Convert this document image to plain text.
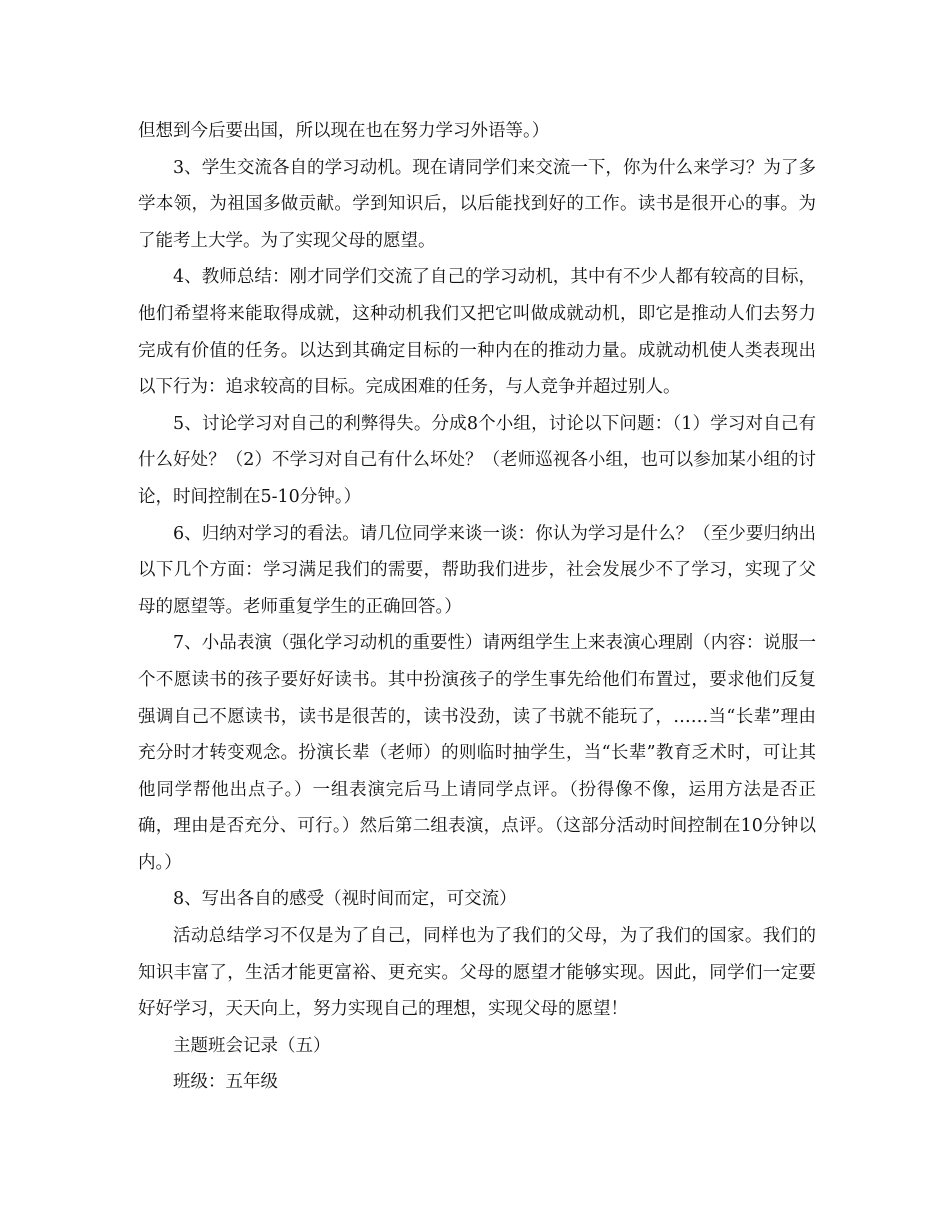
但想到今后要出国，所以现在也在努力学习外语等。）

3、学生交流各自的学习动机。现在请同学们来交流一下，你为什么来学习？为了多学本领，为祖国多做贡献。学到知识后，以后能找到好的工作。读书是很开心的事。为了能考上大学。为了实现父母的愿望。

4、教师总结：刚才同学们交流了自己的学习动机，其中有不少人都有较高的目标，他们希望将来能取得成就，这种动机我们又把它叫做成就动机，即它是推动人们去努力完成有价值的任务。以达到其确定目标的一种内在的推动力量。成就动机使人类表现出以下行为：追求较高的目标。完成困难的任务，与人竞争并超过别人。

5、讨论学习对自己的利弊得失。分成8个小组，讨论以下问题：（1）学习对自己有什么好处？（2）不学习对自己有什么坏处？（老师巡视各小组，也可以参加某小组的讨论，时间控制在5-10分钟。）

6、归纳对学习的看法。请几位同学来谈一谈：你认为学习是什么？（至少要归纳出以下几个方面：学习满足我们的需要，帮助我们进步，社会发展少不了学习，实现了父母的愿望等。老师重复学生的正确回答。）

7、小品表演（强化学习动机的重要性）请两组学生上来表演心理剧（内容：说服一个不愿读书的孩子要好好读书。其中扮演孩子的学生事先给他们布置过，要求他们反复强调自己不愿读书，读书是很苦的，读书没劲，读了书就不能玩了，……当“长辈”理由充分时才转变观念。扮演长辈（老师）的则临时抽学生，当“长辈”教育乏术时，可让其他同学帮他出点子。）一组表演完后马上请同学点评。（扮得像不像，运用方法是否正确，理由是否充分、可行。）然后第二组表演，点评。（这部分活动时间控制在10分钟以内。）

8、写出各自的感受（视时间而定，可交流）

活动总结学习不仅是为了自己，同样也为了我们的父母，为了我们的国家。我们的知识丰富了，生活才能更富裕、更充实。父母的愿望才能够实现。因此，同学们一定要好好学习，天天向上，努力实现自己的理想，实现父母的愿望！

主题班会记录（五）

班级：五年级
